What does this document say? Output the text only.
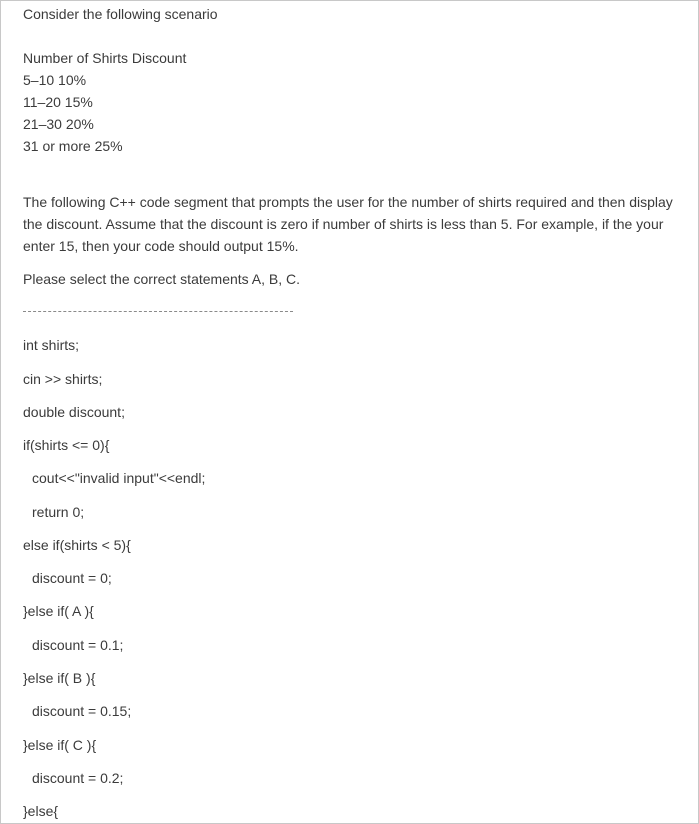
Consider the following scenario
Number of Shirts Discount
5–10 10%
11–20 15%
21–30 20%
31 or more 25%
The following C++ code segment that prompts the user for the number of shirts required and then display the discount. Assume that the discount is zero if number of shirts is less than 5. For example, if the your enter 15, then your code should output 15%.
Please select the correct statements A, B, C.
int shirts;
cin >> shirts;
double discount;
if(shirts <= 0){
cout<<"invalid input"<<endl;
return 0;
else if(shirts < 5){
discount = 0;
}else if( A ){
discount = 0.1;
}else if( B ){
discount = 0.15;
}else if( C ){
discount = 0.2;
}else{
